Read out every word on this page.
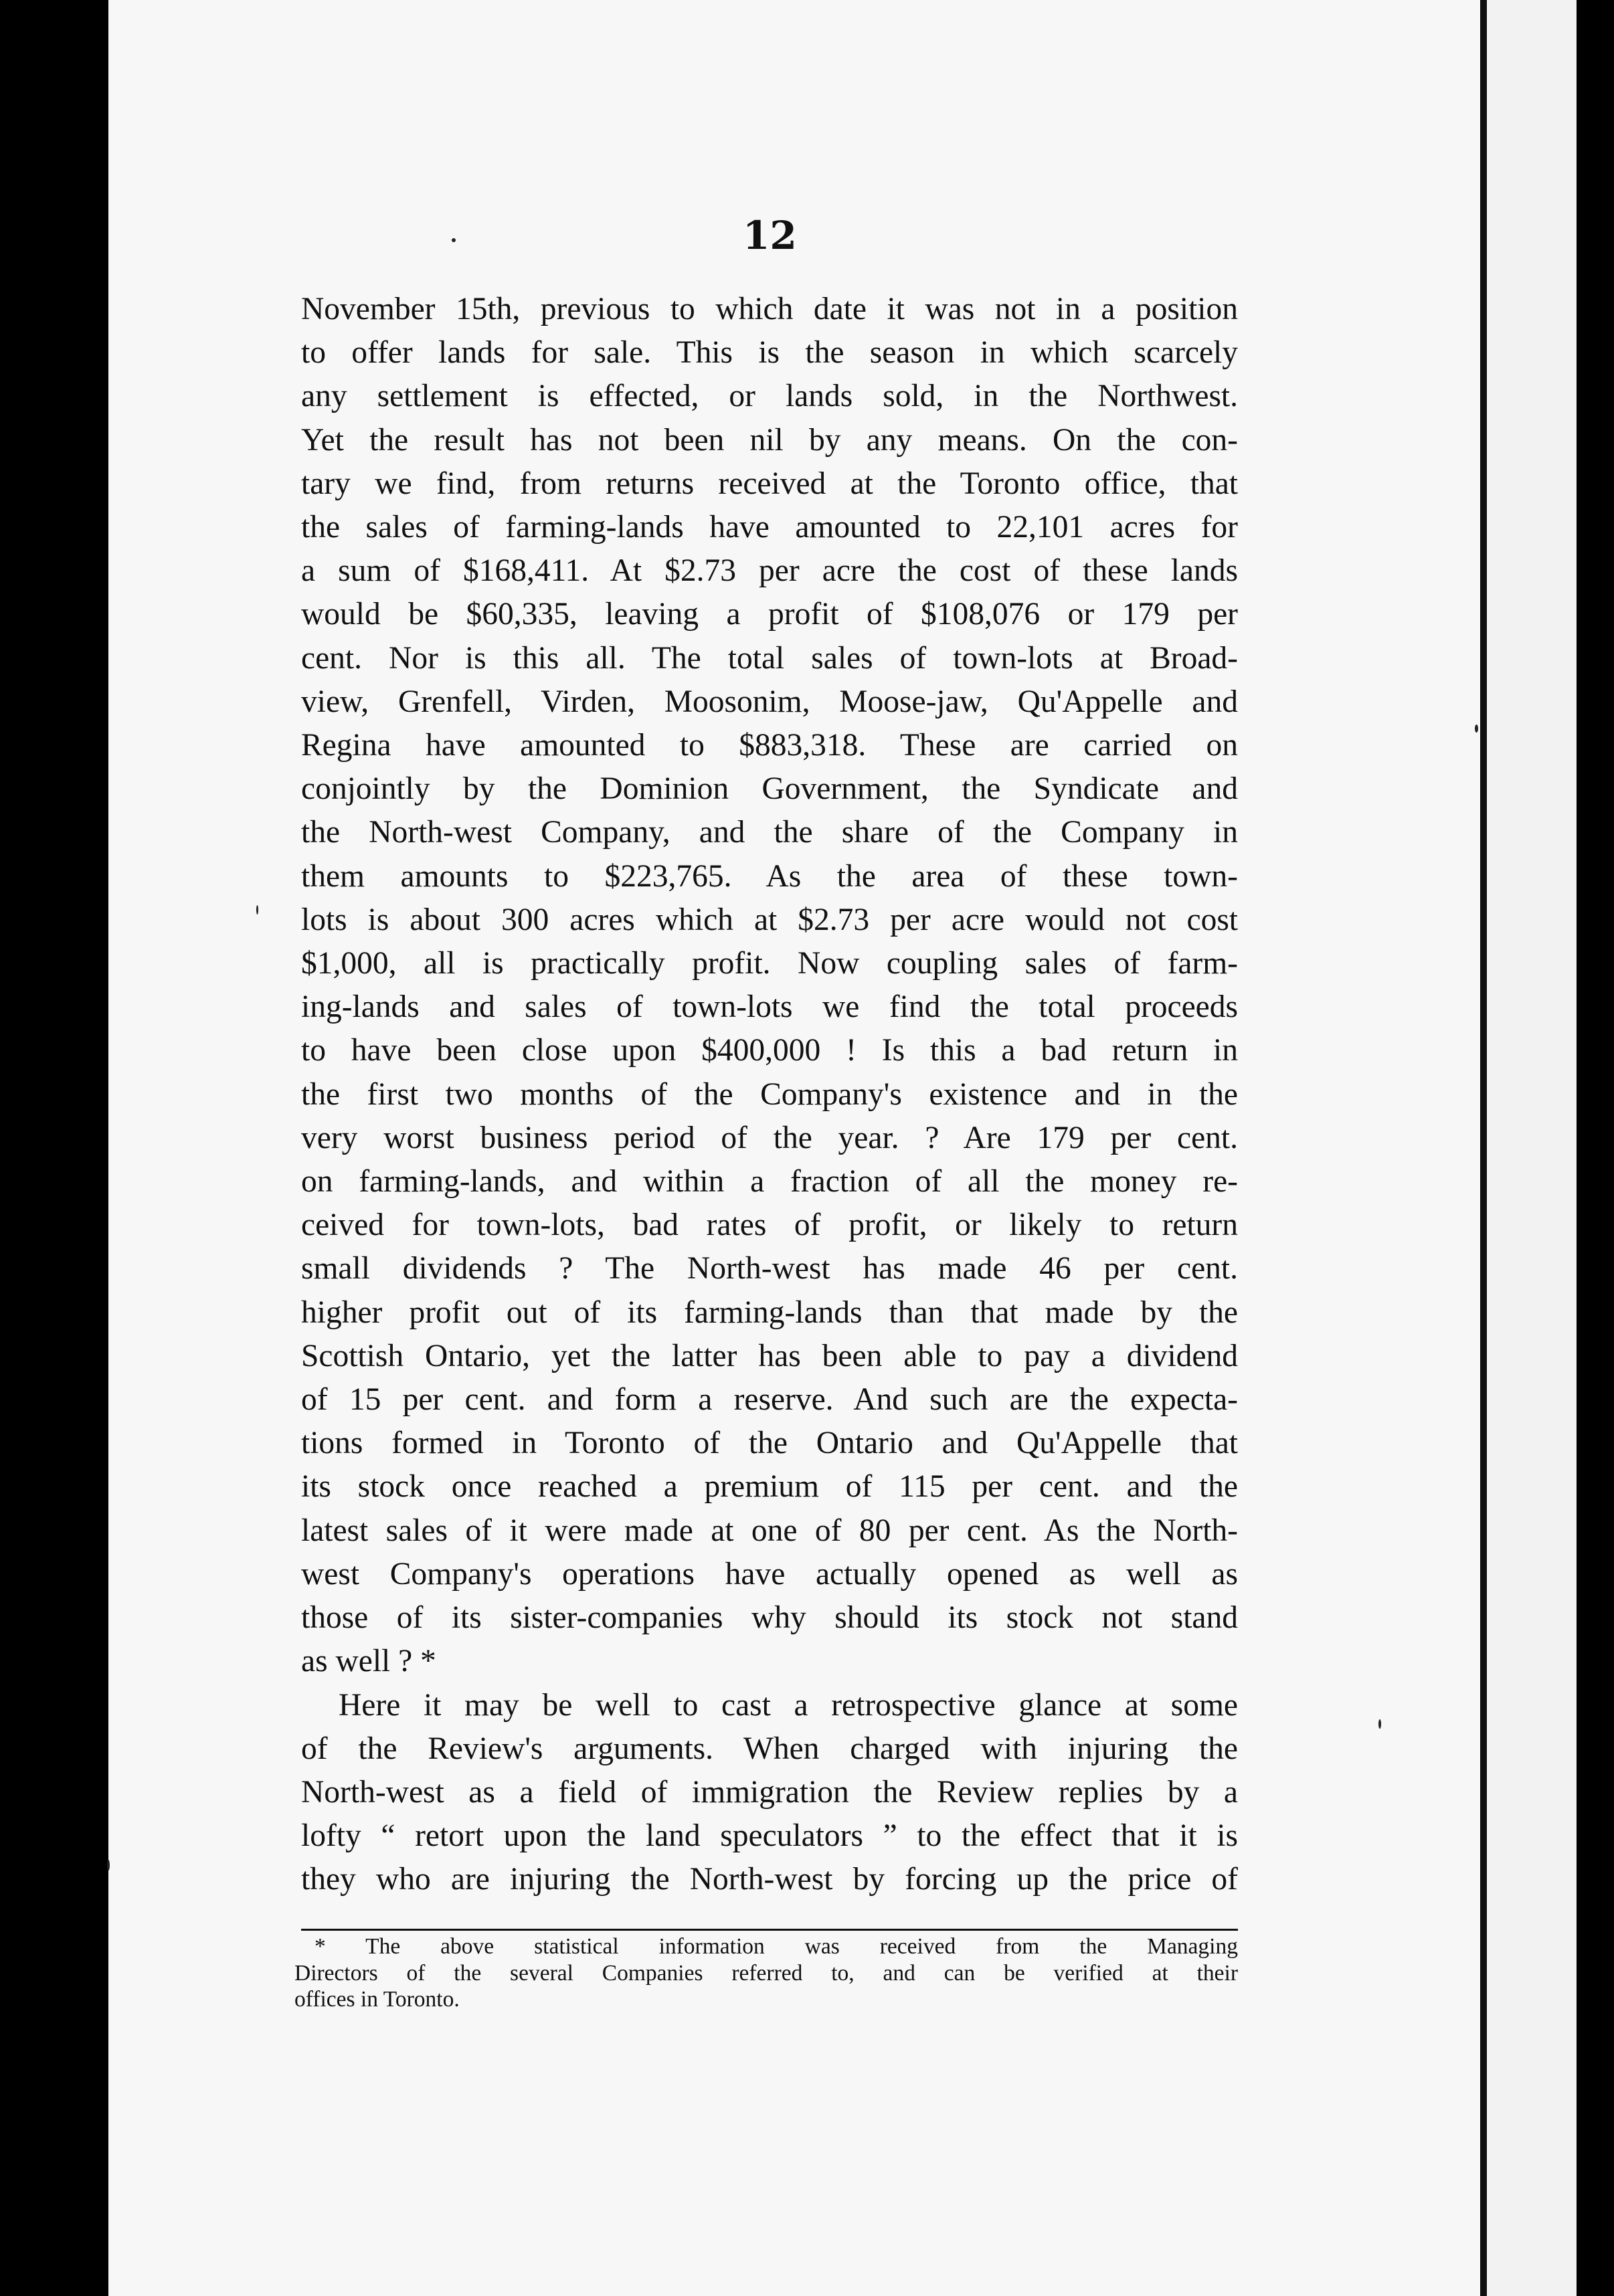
12
November 15th, previous to which date it was not in a position
to offer lands for sale. This is the season in which scarcely
any settlement is effected, or lands sold, in the Northwest.
Yet the result has not been nil by any means. On the con-
tary we find, from returns received at the Toronto office, that
the sales of farming-lands have amounted to 22,101 acres for
a sum of $168,411. At $2.73 per acre the cost of these lands
would be $60,335, leaving a profit of $108,076 or 179 per
cent. Nor is this all. The total sales of town-lots at Broad-
view, Grenfell, Virden, Moosonim, Moose-jaw, Qu'Appelle and
Regina have amounted to $883,318. These are carried on
conjointly by the Dominion Government, the Syndicate and
the North-west Company, and the share of the Company in
them amounts to $223,765. As the area of these town-
lots is about 300 acres which at $2.73 per acre would not cost
$1,000, all is practically profit. Now coupling sales of farm-
ing-lands and sales of town-lots we find the total proceeds
to have been close upon $400,000 ! Is this a bad return in
the first two months of the Company's existence and in the
very worst business period of the year. ? Are 179 per cent.
on farming-lands, and within a fraction of all the money re-
ceived for town-lots, bad rates of profit, or likely to return
small dividends ? The North-west has made 46 per cent.
higher profit out of its farming-lands than that made by the
Scottish Ontario, yet the latter has been able to pay a dividend
of 15 per cent. and form a reserve. And such are the expecta-
tions formed in Toronto of the Ontario and Qu'Appelle that
its stock once reached a premium of 115 per cent. and the
latest sales of it were made at one of 80 per cent. As the North-
west Company's operations have actually opened as well as
those of its sister-companies why should its stock not stand
as well ? *
Here it may be well to cast a retrospective glance at some
of the Review's arguments. When charged with injuring the
North-west as a field of immigration the Review replies by a
lofty “ retort upon the land speculators ” to the effect that it is
they who are injuring the North-west by forcing up the price of
* The above statistical information was received from the Managing
Directors of the several Companies referred to, and can be verified at their
offices in Toronto.
